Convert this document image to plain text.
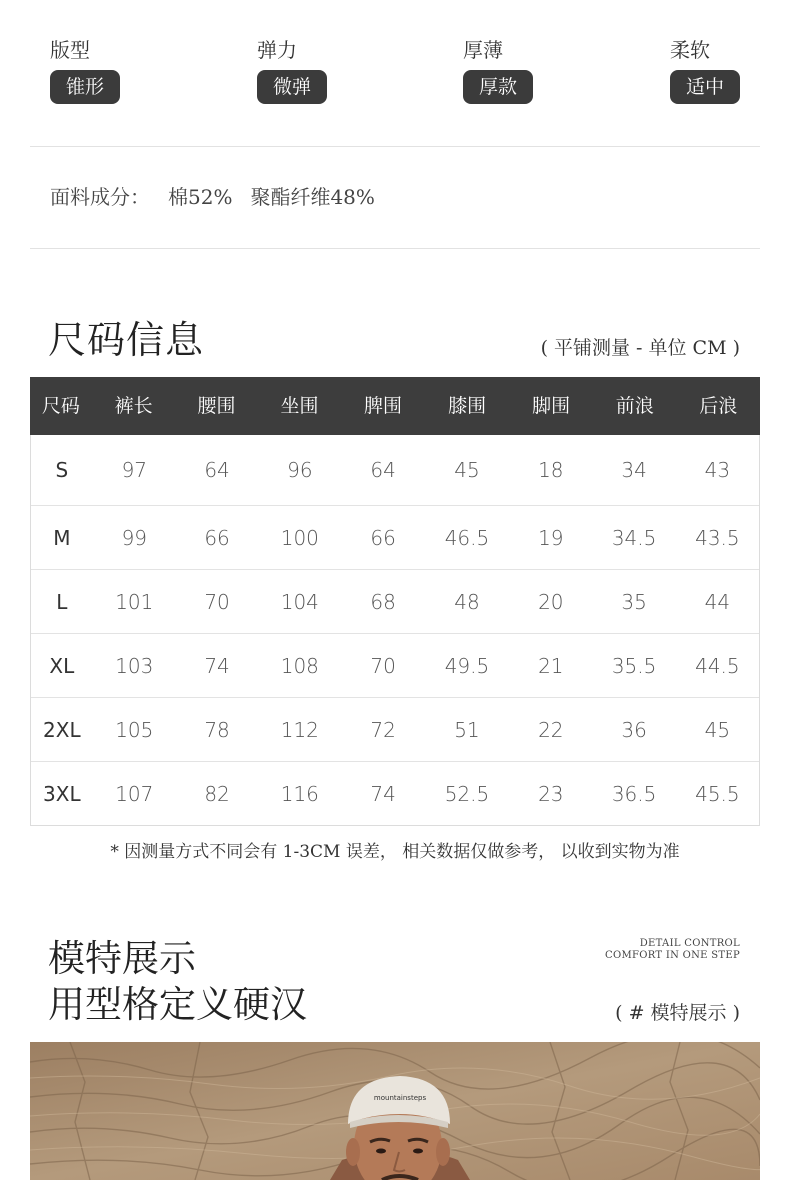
版型
锥形
弹力
微弹
厚薄
厚款
柔软
适中
面料成分： 棉52% 聚酯纤维48%
尺码信息	( 平铺测量 - 单位 CM )
尺码	裤长	腰围	坐围	脾围	膝围	脚围	前浪	后浪
S	97	64	96	64	45	18	34	43
M	99	66	100	66	46.5	19	34.5	43.5
L	101	70	104	68	48	20	35	44
XL	103	74	108	70	49.5	21	35.5	44.5
2XL	105	78	112	72	51	22	36	45
3XL	107	82	116	74	52.5	23	36.5	45.5
* 因测量方式不同会有 1-3CM 误差， 相关数据仅做参考， 以收到实物为准
模特展示
用型格定义硬汉
DETAIL CONTROL
COMFORT IN ONE STEP
( # 模特展示 )
mountainsteps
